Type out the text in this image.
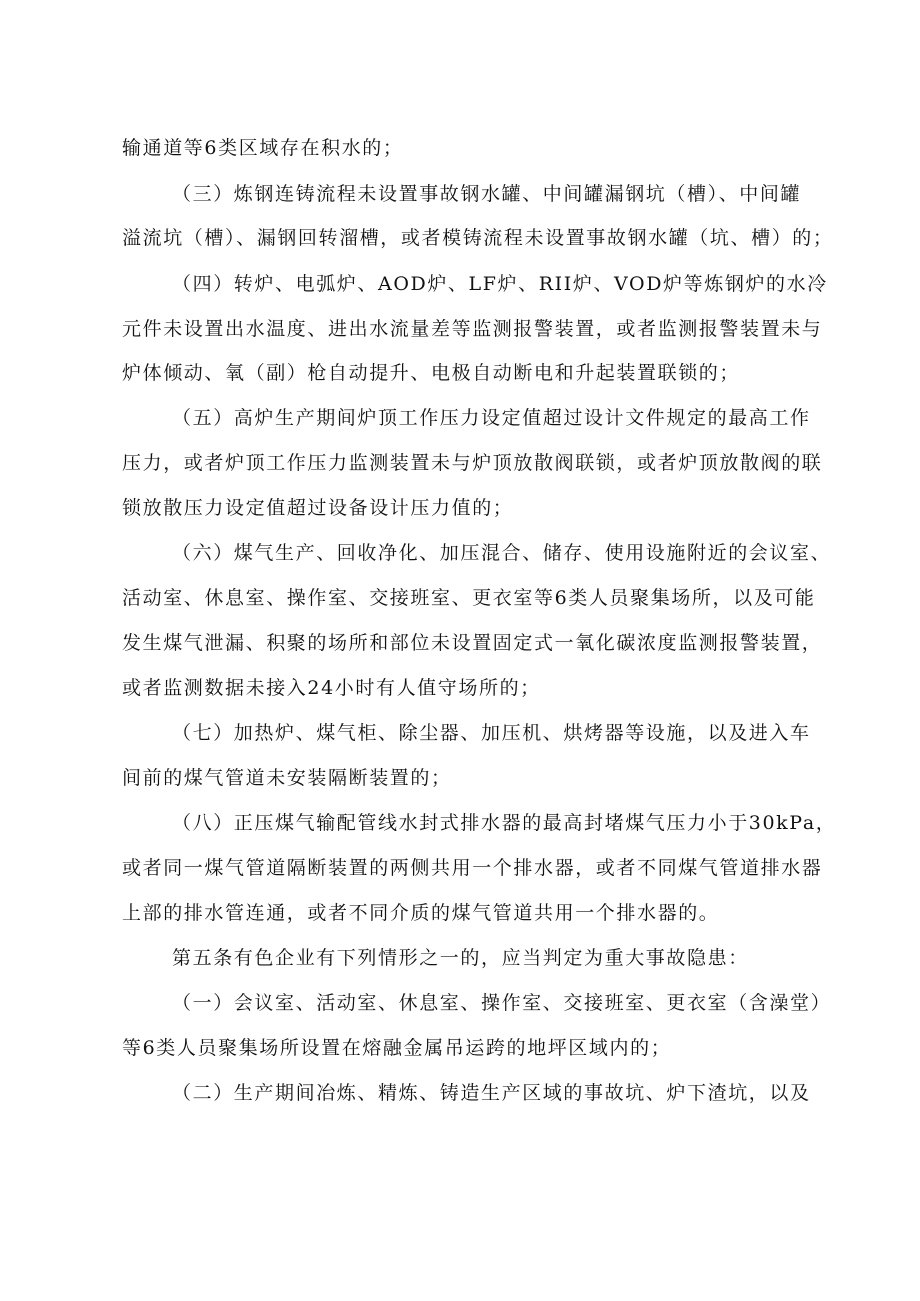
输通道等6类区域存在积水的；
（三）炼钢连铸流程未设置事故钢水罐、中间罐漏钢坑（槽）、中间罐
溢流坑（槽）、漏钢回转溜槽，或者模铸流程未设置事故钢水罐（坑、槽）的；
（四）转炉、电弧炉、AOD炉、LF炉、RII炉、VOD炉等炼钢炉的水冷
元件未设置出水温度、进出水流量差等监测报警装置，或者监测报警装置未与
炉体倾动、氧（副）枪自动提升、电极自动断电和升起装置联锁的；
（五）高炉生产期间炉顶工作压力设定值超过设计文件规定的最高工作
压力，或者炉顶工作压力监测装置未与炉顶放散阀联锁，或者炉顶放散阀的联
锁放散压力设定值超过设备设计压力值的；
（六）煤气生产、回收净化、加压混合、储存、使用设施附近的会议室、
活动室、休息室、操作室、交接班室、更衣室等6类人员聚集场所，以及可能
发生煤气泄漏、积聚的场所和部位未设置固定式一氧化碳浓度监测报警装置，
或者监测数据未接入24小时有人值守场所的；
（七）加热炉、煤气柜、除尘器、加压机、烘烤器等设施，以及进入车
间前的煤气管道未安装隔断装置的；
（八）正压煤气输配管线水封式排水器的最高封堵煤气压力小于30kPa，
或者同一煤气管道隔断装置的两侧共用一个排水器，或者不同煤气管道排水器
上部的排水管连通，或者不同介质的煤气管道共用一个排水器的。
第五条有色企业有下列情形之一的，应当判定为重大事故隐患：
（一）会议室、活动室、休息室、操作室、交接班室、更衣室（含澡堂）
等6类人员聚集场所设置在熔融金属吊运跨的地坪区域内的；
（二）生产期间冶炼、精炼、铸造生产区域的事故坑、炉下渣坑，以及
